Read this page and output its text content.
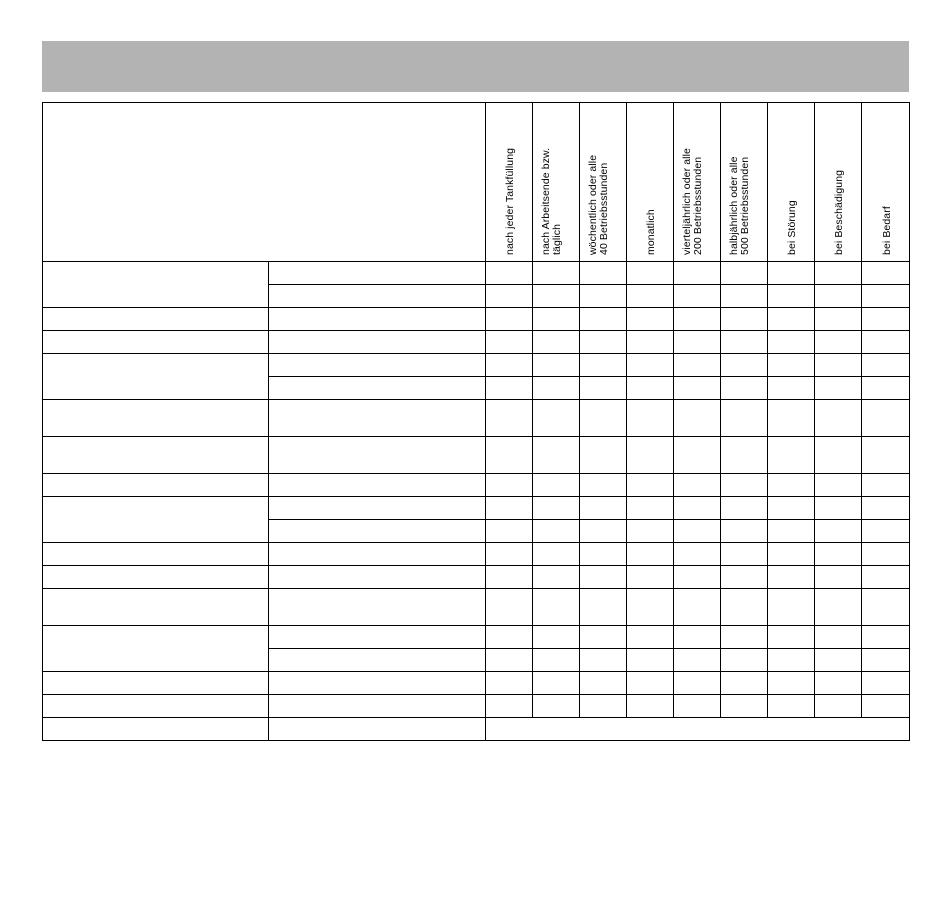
		nach jeder Tankfüllung	nach Arbeitsende bzw.
täglich	wöchentlich oder alle
40 Betriebsstunden	monatlich	vierteljährlich oder alle
200 Betriebsstunden	halbjährlich oder alle
500 Betriebsstunden	bei Störung	bei Beschädigung	bei Bedarf
